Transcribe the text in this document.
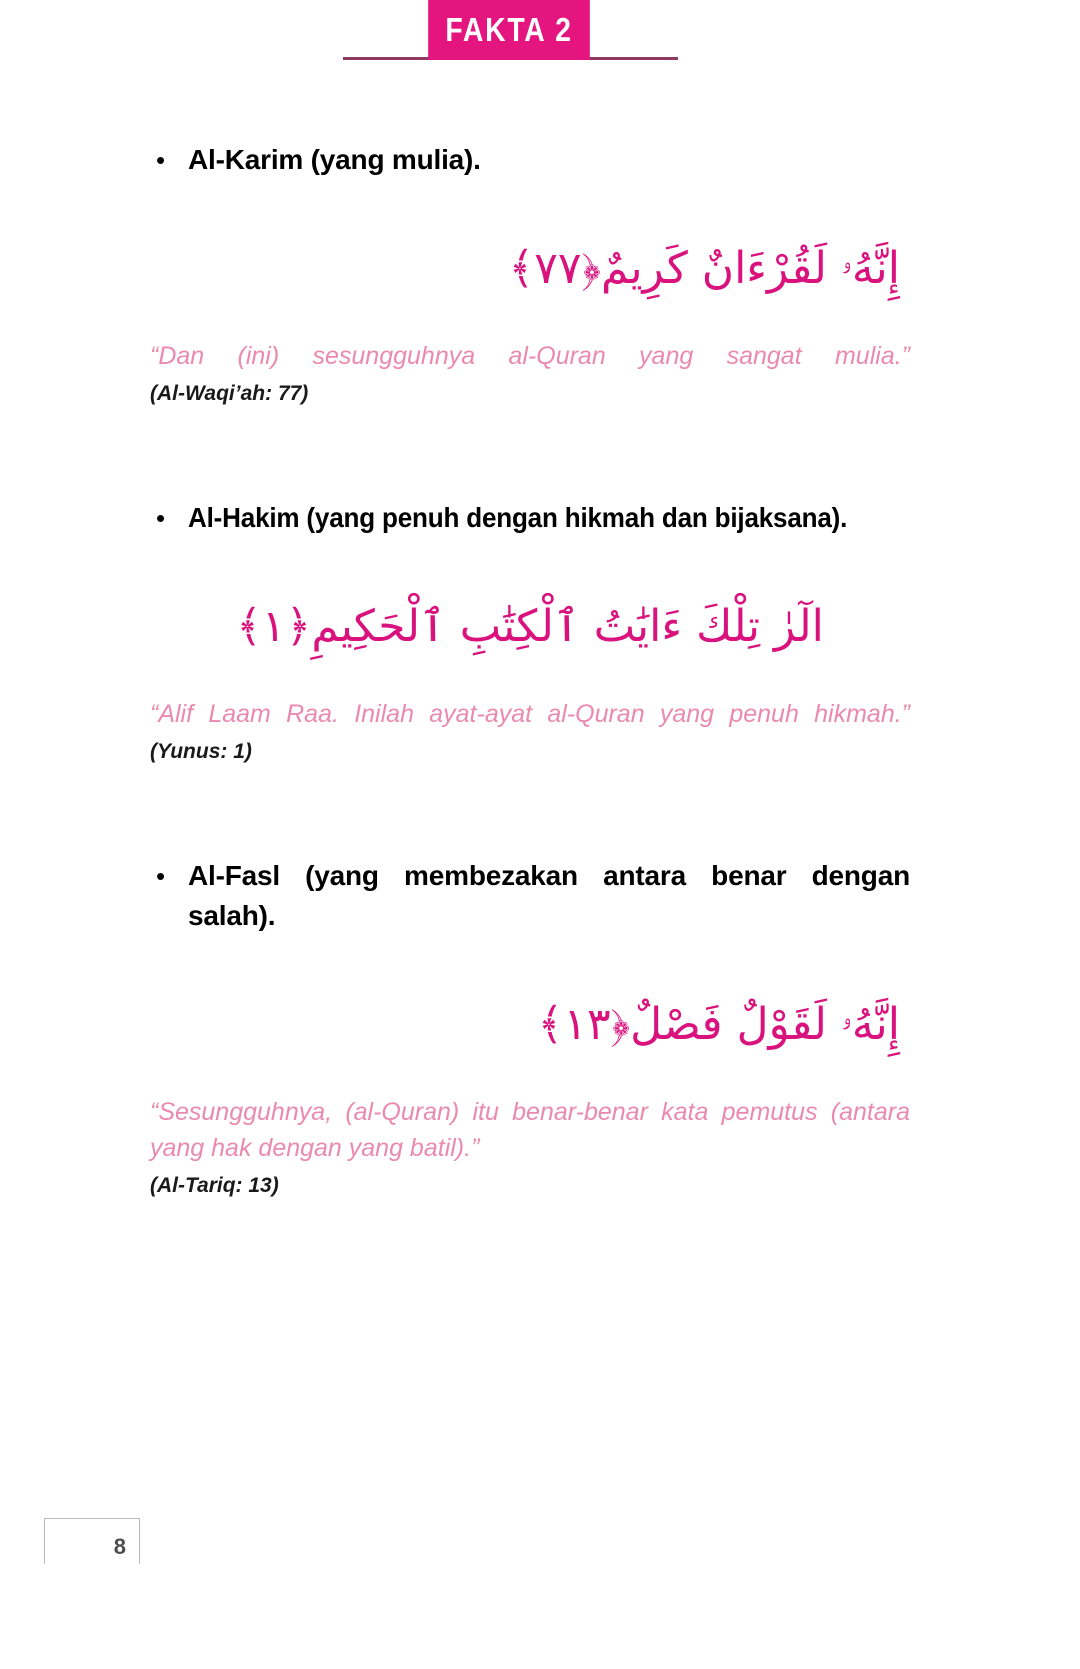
FAKTA 2
• Al-Karim (yang mulia).
إِنَّهُۥ لَقُرْءَانٌ كَرِيمٌ﴿٧٧﴾
“Dan (ini) sesungguhnya al-Quran yang sangat mulia.” (Al-Waqi’ah: 77)
• Al-Hakim (yang penuh dengan hikmah dan bijaksana).
الٓرٰ تِلْكَ ءَايَٰتُ ٱلْكِتَٰبِ ٱلْحَكِيمِ﴿١﴾
“Alif Laam Raa. Inilah ayat-ayat al-Quran yang penuh hikmah.” (Yunus: 1)
• Al-Fasl (yang membezakan antara benar dengan salah).
إِنَّهُۥ لَقَوْلٌ فَصْلٌ﴿١٣﴾
“Sesungguhnya, (al-Quran) itu benar-benar kata pemutus (antara yang hak dengan yang batil).”
(Al-Tariq: 13)
8
